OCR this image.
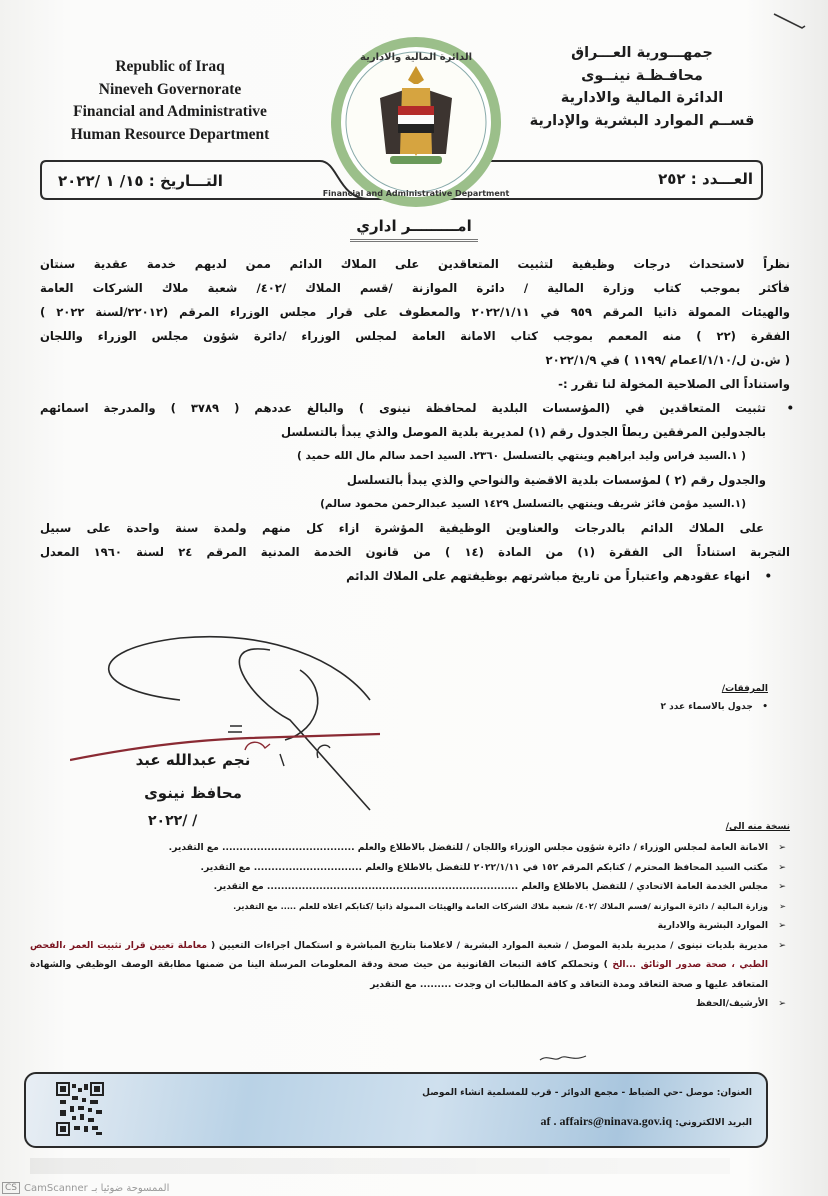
Republic of Iraq
Nineveh Governorate
Financial and Administrative
Human Resource Department
جمهـــورية العـــراق
محافـظـة نينــوى
الدائرة المالية والادارية
قســم الموارد البشرية والإدارية
التـــاريخ : ١٥/ ١ /٢٠٢٢	العـــدد : ٢٥٢
الدائرة المالية والادارية
Financial and Administrative Department
امـــــــــر اداري
نظراً لاستحداث درجات وظيفية لتثبيت المتعاقدين على الملاك الدائم ممن لديهم خدمة عقدية سنتان
فأكثر بموجب كتاب وزارة المالية / دائرة الموازنة /قسم الملاك /٤٠٢/ شعبة ملاك الشركات العامة
والهيئات الممولة ذاتيا المرقم ٩٥٩ في ٢٠٢٢/١/١١ والمعطوف على قرار مجلس الوزراء المرقم (٢٢٠١٢/لسنة ٢٠٢٢ )
الفقرة (٢٢ ) منه المعمم بموجب كتاب الامانة العامة لمجلس الوزراء /دائرة شؤون مجلس الوزراء واللجان
( ش.ن ل/١/١٠/اعمام /١١٩٩ ) في ٢٠٢٢/١/٩
واستناداً الى الصلاحية المخولة لنا تقرر :-
•
تثبيت المتعاقدين في (المؤسسات البلدية لمحافظة نينوى ) والبالغ عددهم ( ٣٧٨٩ ) والمدرجة اسمائهم
بالجدولين المرفقين ربطاً الجدول رقم (١) لمديرية بلدية الموصل والذي يبدأ بالتسلسل
( ١.السيد فراس وليد ابراهيم وينتهي بالتسلسل ٢٣٦٠. السيد احمد سالم مال الله حميد )
والجدول رقم (٢ ) لمؤسسات بلدية الاقضية والنواحي والذي يبدأ بالتسلسل
(١.السيد مؤمن فائز شريف وينتهي بالتسلسل ١٤٢٩ السيد عبدالرحمن محمود سالم)
على الملاك الدائم بالدرجات والعناوين الوظيفية المؤشرة ازاء كل منهم ولمدة سنة واحدة على سبيل
التجربة استناداً الى الفقرة (١) من المادة (١٤ ) من قانون الخدمة المدنية المرقم ٢٤ لسنة ١٩٦٠ المعدل
•
انهاء عقودهم واعتباراً من تاريخ مباشرتهم بوظيفتهم على الملاك الدائم
المرفقات/
•   جدول بالاسماء عدد ٢
نجم عبدالله عبد
محافظ نينوى
/ /٢٠٢٢	نسخة منه الى/
➢
الامانة العامة لمجلس الوزراء / دائرة شؤون مجلس الوزراء واللجان / للتفضل بالاطلاع والعلم ...................................... مع التقدير.
➢
مكتب السيد المحافظ المحترم / كتابكم المرقم ١٥٢ في ٢٠٢٢/١/١١ للتفضل بالاطلاع والعلم ............................... مع التقدير.
➢
مجلس الخدمة العامة الاتحادي / للتفضل بالاطلاع والعلم ........................................................................ مع التقدير.
➢
وزارة المالية / دائرة الموازنة /قسم الملاك /٤٠٢/ شعبة ملاك الشركات العامة والهيئات الممولة ذاتيا /كتابكم اعلاه للعلم ..... مع التقدير.
➢
الموارد البشرية والادارية
➢
مديرية بلديات نينوى / مديرية بلدية الموصل / شعبة الموارد البشرية / لاعلامنا بتاريخ المباشرة و استكمال اجراءات التعيين ( معاملة تعيين قرار تثبيت العمر ،الفحص الطبي ، صحة صدور الوثائق ...الخ ) وتحملكم كافة التبعات القانونية من حيث صحة ودقة المعلومات المرسلة الينا من ضمنها مطابقة الوصف الوظيفي والشهادة المتعاقد عليها و صحة التعاقد ومدة التعاقد و كافة المطالبات ان وجدت ......... مع التقدير
➢
الأرشيف/الحفظ
العنوان: موصل -حي الضباط - مجمع الدوائر - قرب للمسلمية انشاء الموصل
البريد الالكتروني: af . affairs@ninava.gov.iq
CS CamScanner الممسوحة ضوئيا بـ
